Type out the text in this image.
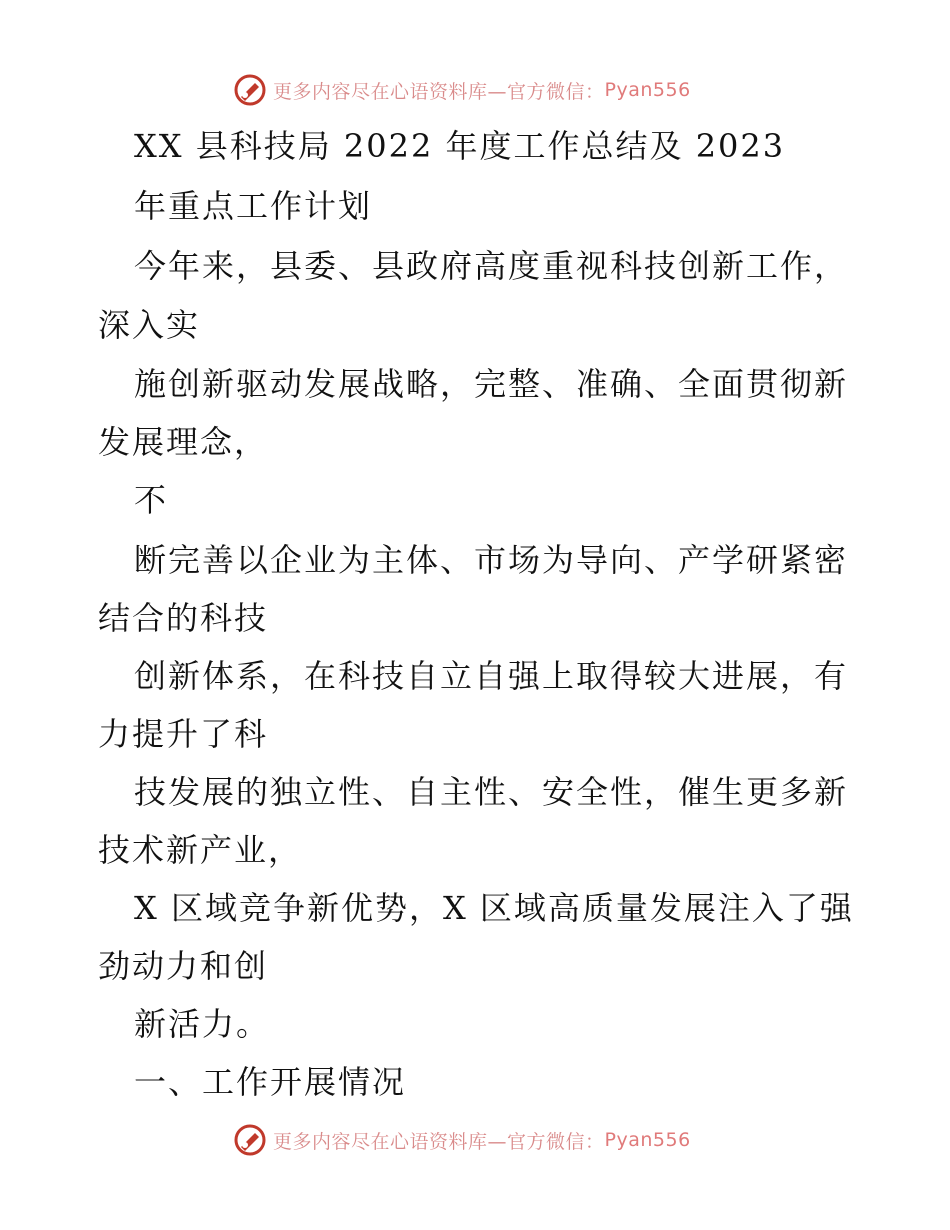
更多内容尽在心语资料库—官方微信： Pyan556
XX 县科技局 2022 年度工作总结及 2023
年重点工作计划
今年来，县委、县政府高度重视科技创新工作，
深入实
施创新驱动发展战略，完整、准确、全面贯彻新
发展理念，
不
断完善以企业为主体、市场为导向、产学研紧密
结合的科技
创新体系，在科技自立自强上取得较大进展，有
力提升了科
技发展的独立性、自主性、安全性，催生更多新
技术新产业，
X 区域竞争新优势，X 区域高质量发展注入了强
劲动力和创
新活力。
一、工作开展情况
更多内容尽在心语资料库—官方微信： Pyan556
